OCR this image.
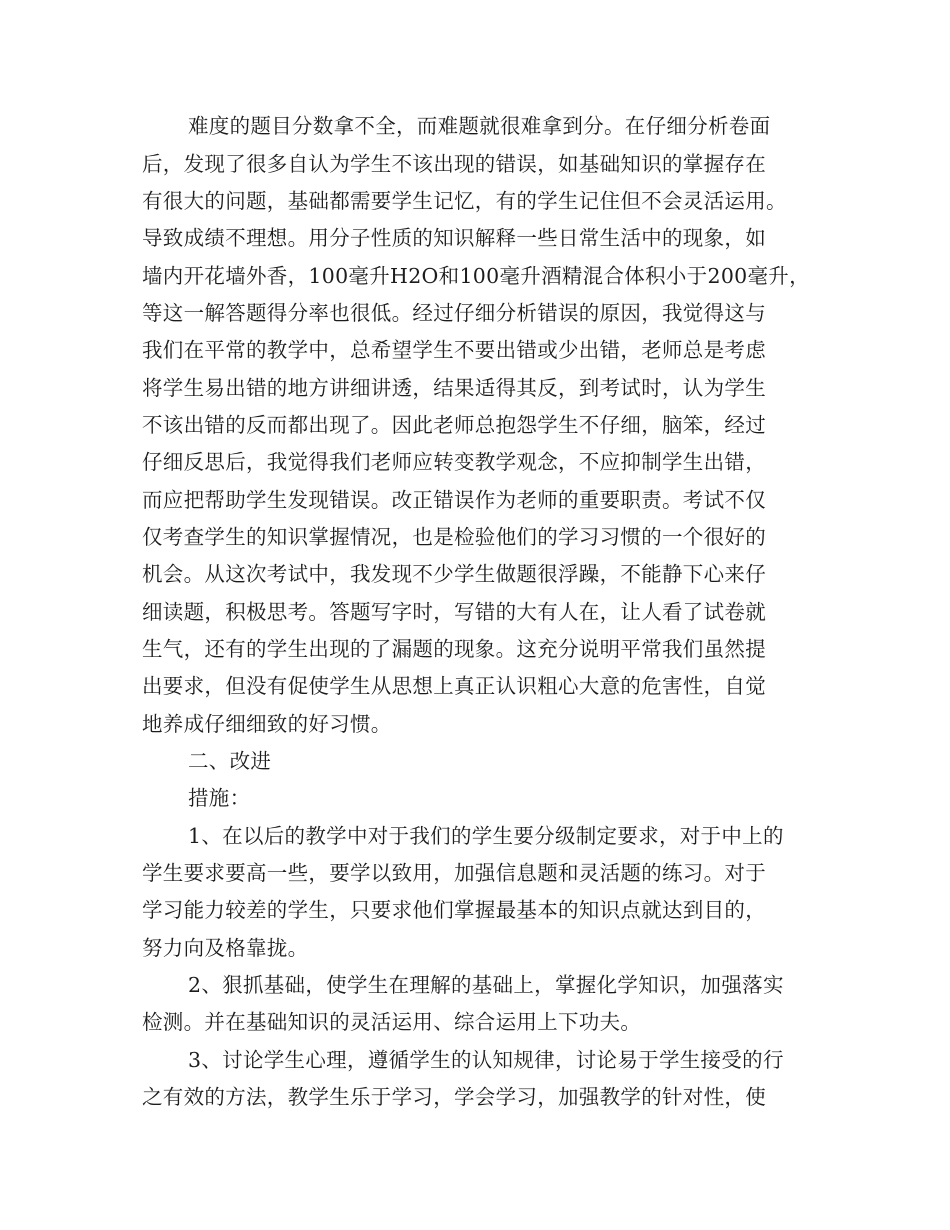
难度的题目分数拿不全，而难题就很难拿到分。在仔细分析卷面
后，发现了很多自认为学生不该出现的错误，如基础知识的掌握存在
有很大的问题，基础都需要学生记忆，有的学生记住但不会灵活运用。
导致成绩不理想。用分子性质的知识解释一些日常生活中的现象，如
墙内开花墙外香，100毫升H2O和100毫升酒精混合体积小于200毫升，
等这一解答题得分率也很低。经过仔细分析错误的原因，我觉得这与
我们在平常的教学中，总希望学生不要出错或少出错，老师总是考虑
将学生易出错的地方讲细讲透，结果适得其反，到考试时，认为学生
不该出错的反而都出现了。因此老师总抱怨学生不仔细，脑笨，经过
仔细反思后，我觉得我们老师应转变教学观念，不应抑制学生出错，
而应把帮助学生发现错误。改正错误作为老师的重要职责。考试不仅
仅考查学生的知识掌握情况，也是检验他们的学习习惯的一个很好的
机会。从这次考试中，我发现不少学生做题很浮躁，不能静下心来仔
细读题，积极思考。答题写字时，写错的大有人在，让人看了试卷就
生气，还有的学生出现的了漏题的现象。这充分说明平常我们虽然提
出要求，但没有促使学生从思想上真正认识粗心大意的危害性，自觉
地养成仔细细致的好习惯。
二、改进
措施：
1、在以后的教学中对于我们的学生要分级制定要求，对于中上的
学生要求要高一些，要学以致用，加强信息题和灵活题的练习。对于
学习能力较差的学生，只要求他们掌握最基本的知识点就达到目的，
努力向及格靠拢。
2、狠抓基础，使学生在理解的基础上，掌握化学知识，加强落实
检测。并在基础知识的灵活运用、综合运用上下功夫。
3、讨论学生心理，遵循学生的认知规律，讨论易于学生接受的行
之有效的方法，教学生乐于学习，学会学习，加强教学的针对性，使
